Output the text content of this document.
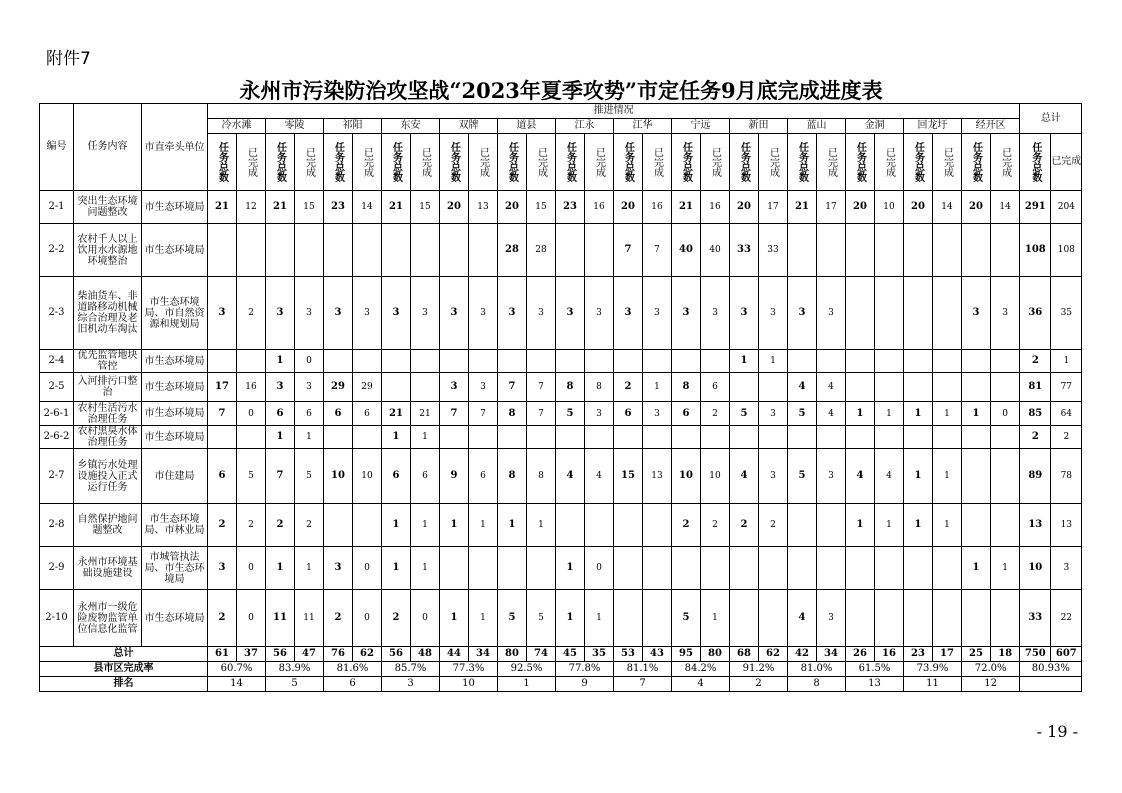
附件7
永州市污染防治攻坚战“2023年夏季攻势”市定任务9月底完成进度表
编号	任务内容	市直牵头单位	推进情况																												总计	
			冷水滩		零陵		祁阳		东安		双牌		道县		江永		江华		宁远		新田		蓝山		金洞		回龙圩		经开区			

			任务总数	已完成	任务总数	已完成	任务总数	已完成	任务总数	已完成	任务总数	已完成	任务总数	已完成	任务总数	已完成	任务总数	已完成	任务总数	已完成	任务总数	已完成	任务总数	已完成	任务总数	已完成	任务总数	已完成	任务总数	已完成	任务总数	已完成
2-1	突出生态环境问题整改	市生态环境局	21	12	21	15	23	14	21	15	20	13	20	15	23	16	20	16	21	16	20	17	21	17	20	10	20	14	20	14	291	204
2-2	农村千人以上饮用水水源地环境整治	市生态环境局											28	28			7	7	40	40	33	33									108	108
2-3	柴油货车、非道路移动机械综合治理及老旧机动车淘汰	市生态环境局、市自然资源和规划局	3	2	3	3	3	3	3	3	3	3	3	3	3	3	3	3	3	3	3	3	3	3					3	3	36	35
2-4	优先监管地块管控	市生态环境局			1	0															1	1									2	1
2-5	入河排污口整治	市生态环境局	17	16	3	3	29	29			3	3	7	7	8	8	2	1	8	6			4	4							81	77
2-6-1	农村生活污水治理任务	市生态环境局	7	0	6	6	6	6	21	21	7	7	8	7	5	3	6	3	6	2	5	3	5	4	1	1	1	1	1	0	85	64
2-6-2	农村黑臭水体治理任务	市生态环境局			1	1			1	1																					2	2
2-7	乡镇污水处理设施投入正式运行任务	市住建局	6	5	7	5	10	10	6	6	9	6	8	8	4	4	15	13	10	10	4	3	5	3	4	4	1	1			89	78
2-8	自然保护地问题整改	市生态环境局、市林业局	2	2	2	2			1	1	1	1	1	1					2	2	2	2			1	1	1	1			13	13
2-9	永州市环境基础设施建设	市城管执法局、市生态环境局	3	0	1	1	3	0	1	1					1	0													1	1	10	3
2-10	永州市一级危险废物监管单位信息化监管	市生态环境局	2	0	11	11	2	0	2	0	1	1	5	5	1	1			5	1			4	3							33	22
总计			61	37	56	47	76	62	56	48	44	34	80	74	45	35	53	43	95	80	68	62	42	34	26	16	23	17	25	18	750	607
县市区完成率			60.7%		83.9%		81.6%		85.7%		77.3%		92.5%		77.8%		81.1%		84.2%		91.2%		81.0%		61.5%		73.9%		72.0%		80.93%	
排名			14		5		6		3		10		1		9		7		4		2		8		13		11		12			
- 19 -
